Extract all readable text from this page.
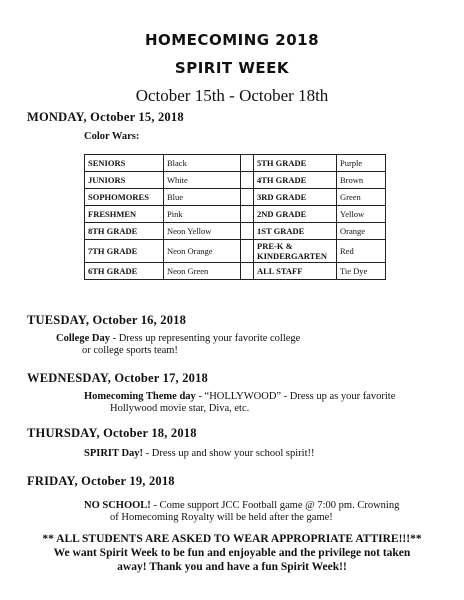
HOMECOMING 2018
SPIRIT WEEK
October 15th - October 18th
MONDAY, October 15, 2018
Color Wars:
SENIORS	Black		5TH GRADE	Purple
JUNIORS	White		4TH GRADE	Brown
SOPHOMORES	Blue		3RD GRADE	Green
FRESHMEN	Pink		2ND GRADE	Yellow
8TH GRADE	Neon Yellow		1ST GRADE	Orange
7TH GRADE	Neon Orange		PRE-K & KINDERGARTEN	Red
6TH GRADE	Neon Green		ALL STAFF	Tie Dye
TUESDAY, October 16, 2018
College Day - Dress up representing your favorite college
or college sports team!
WEDNESDAY, October 17, 2018
Homecoming Theme day - “HOLLYWOOD” - Dress up as your favorite
Hollywood movie star, Diva, etc.
THURSDAY, October 18, 2018
SPIRIT Day! - Dress up and show your school spirit!!
FRIDAY, October 19, 2018
NO SCHOOL! - Come support JCC Football game @ 7:00 pm. Crowning
of Homecoming Royalty will be held after the game!
** ALL STUDENTS ARE ASKED TO WEAR APPROPRIATE ATTIRE!!!**
We want Spirit Week to be fun and enjoyable and the privilege not taken
away! Thank you and have a fun Spirit Week!!
